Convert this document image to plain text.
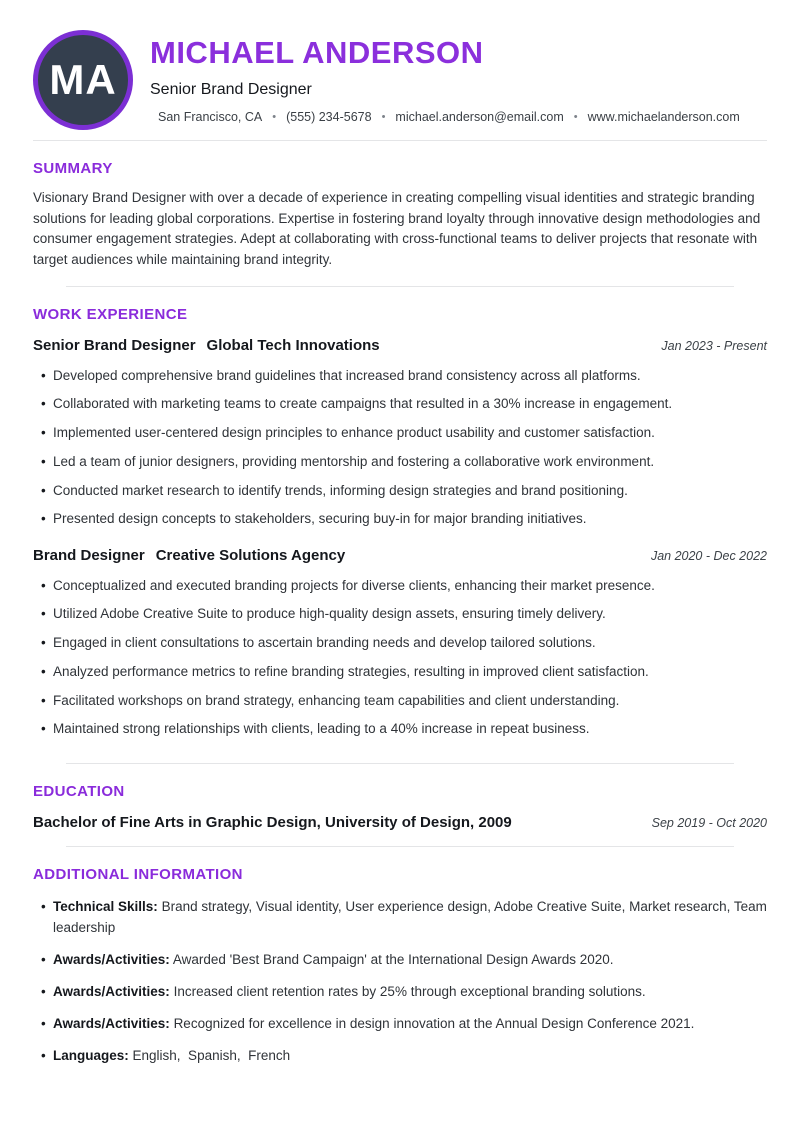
MA
MICHAEL ANDERSON
Senior Brand Designer
San Francisco, CA • (555) 234-5678 • michael.anderson@email.com • www.michaelanderson.com
SUMMARY

Visionary Brand Designer with over a decade of experience in creating compelling visual identities and strategic branding solutions for leading global corporations. Expertise in fostering brand loyalty through innovative design methodologies and consumer engagement strategies. Adept at collaborating with cross-functional teams to deliver projects that resonate with target audiences while maintaining brand integrity.

WORK EXPERIENCE
Senior Brand Designer Global Tech Innovations	Jan 2023 - Present
• Developed comprehensive brand guidelines that increased brand consistency across all platforms.
• Collaborated with marketing teams to create campaigns that resulted in a 30% increase in engagement.
• Implemented user-centered design principles to enhance product usability and customer satisfaction.
• Led a team of junior designers, providing mentorship and fostering a collaborative work environment.
• Conducted market research to identify trends, informing design strategies and brand positioning.
• Presented design concepts to stakeholders, securing buy-in for major branding initiatives.
Brand Designer Creative Solutions Agency	Jan 2020 - Dec 2022
• Conceptualized and executed branding projects for diverse clients, enhancing their market presence.
• Utilized Adobe Creative Suite to produce high-quality design assets, ensuring timely delivery.
• Engaged in client consultations to ascertain branding needs and develop tailored solutions.
• Analyzed performance metrics to refine branding strategies, resulting in improved client satisfaction.
• Facilitated workshops on brand strategy, enhancing team capabilities and client understanding.
• Maintained strong relationships with clients, leading to a 40% increase in repeat business.
EDUCATION
Bachelor of Fine Arts in Graphic Design, University of Design, 2009	Sep 2019 - Oct 2020
ADDITIONAL INFORMATION
• Technical Skills: Brand strategy, Visual identity, User experience design, Adobe Creative Suite, Market research, Team leadership
• Awards/Activities: Awarded 'Best Brand Campaign' at the International Design Awards 2020.
• Awards/Activities: Increased client retention rates by 25% through exceptional branding solutions.
• Awards/Activities: Recognized for excellence in design innovation at the Annual Design Conference 2021.
• Languages: English,  Spanish,  French
